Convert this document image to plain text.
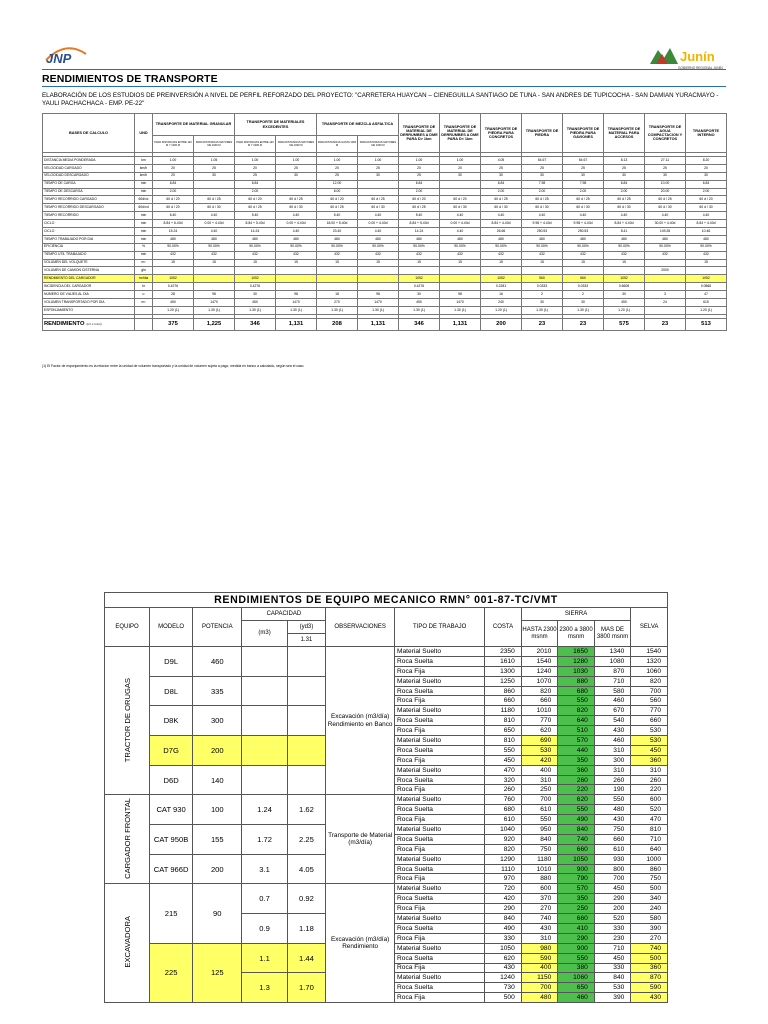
JNP	Junín
GOBIERNO REGIONAL JUNÍN
RENDIMIENTOS DE TRANSPORTE
ELABORACIÓN DE LOS ESTUDIOS DE PREINVERSIÓN A NIVEL DE PERFIL REFORZADO DEL PROYECTO: "CARRETERA HUAYCAN – CIENEGUILLA SANTIAGO DE TUNA - SAN ANDRES DE TUPICOCHA - SAN DAMIAN YURACMAYO - YAULI PACHACHACA - EMP. PE-22"
BASES DE CALCULO	UND	TRANSPORTE DE MATERIAL GRANULAR		TRANSPORTE DE MATERIALES EXCEDENTES		TRANSPORTE DE MEZCLA ASFALTICA		TRANSPORTE DE MATERIAL DE DERRUMBES A DME PARA D> 1km	TRANSPORTE DE MATERIAL DE DERRUMBES A DME PARA D< 1km	TRANSPORTE DE PIEDRA PARA CONCRETOS	TRANSPORTE DE PIEDRA	TRANSPORTE DE PIEDRA PARA GAVIONES	TRANSPORTE DE MATERIAL PARA ACCESOS	TRANSPORTE DE AGUA COMPACTACION Y CONCRETOS	TRANSPORTE INTERNO
		PARA DISTANCIAS ENTRE 120 M Y 1000 M	PARA DISTANCIAS MAYORES DE 1000 M	PARA DISTANCIAS ENTRE 120 M Y 1000 M	PARA DISTANCIAS MAYORES DE 1000 M	PARA DISTANCIAS HASTA 1000 M	PARA DISTANCIAS MAYORES DE 1000 M								

DISTANCIA MEDIA PONDERADA	km	1.00	1.05	1.00	1.00	1.00	1.00	1.00	1.00	4.05	54.67	54.67	8.13	27.11	8.20
VELOCIDAD CARGADO	km/h	20	25	20	25	20	25	20	20	25	25	25	25	25	20
VELOCIDAD DESCARGADO	km/h	20	30	25	30	25	30	25	30	30	30	30	30	30	30
TIEMPO DE CARGA	min	6.84		6.84		12.00		6.84		6.84	7.98	7.98	6.84	10.00	6.84
TIEMPO DE DESCARGA	min	2.00		2.00		6.00		2.00		2.00	2.00	2.00	2.00	20.00	2.00
TIEMPO RECORRIDO CARGADO	60d/vc	60 d / 20	60 d / 25	60 d / 20	60 d / 25	60 d / 20	60 d / 25	60 d / 20	60 d / 20	60 d / 25	60 d / 25	60 d / 25	60 d / 25	60 d / 25	60 d / 20
TIEMPO RECORRIDO DESCARGADO	60d/vd	60 d / 20	60 d / 30	60 d / 25	60 d / 30	60 d / 25	60 d / 30	60 d / 25	60 d / 30	60 d / 30	60 d / 30	60 d / 30	60 d / 30	60 d / 30	60 d / 30
TIEMPO RECORRIDO	min	6.40	4.40	5.40	4.40	5.40	4.40	5.40	4.40	4.40	4.40	4.40	4.40	4.40	4.40
CICLO	min	8.84 + 6.40d	0.00 + 4.40d	8.84 + 5.40d	0.00 + 4.40d	18.00 + 5.40d	0.00 + 4.40d	8.84 + 5.40d	0.00 + 4.40d	8.84 + 4.40d	9.98 + 4.40d	9.98 + 4.40d	8.84 + 4.40d	30.00 + 4.40d	8.84 + 4.40d
CICLO	min	15.24	4.40	14.24	4.40	23.40	4.40	14.24	4.40	26.66	250.53	250.53	8.41	149.28	10.46
TIEMPO TRABAJADO POR DIA	min	480	480	480	480	480	480	480	480	480	480	480	480	480	480
EFICIENCIA	%	90.00%	90.00%	90.00%	90.00%	90.00%	90.00%	90.00%	90.00%	90.00%	90.00%	90.00%	90.00%	90.00%	90.00%
TIEMPO UTIL TRABAJADO	min	432	432	432	432	432	432	432	432	432	432	432	432	432	432
VOLUMEN DEL VOLQUETE	m³	15	15	15	15	15	15	15	15	15	15	15	15		15
VOLUMEN DE CAMION CISTERNA	gln													2000	
RENDIMIENTO DEL CARGADOR	m³/dia	1052		1052				1052		1052	560	560	1052		1052
INCIDENCIA DEL CARGADOR	hr	0.4276		0.4276				0.4276		0.2281	0.0333	0.0333	0.6608		0.0866
NUMERO DE VIAJES AL DIA	u	28	98	30	98	18	98	30	98	16	2	2	30	3	47
VOLUMEN TRANSPORTADO POR DIA	m³	450	1470	450	1470	270	1470	450	1470	240	30	30	450	24	615
ESPONJAMIENTO		1.20 (1)	1.30 (1)	1.30 (1)	1.30 (1)	1.30 (1)	1.30 (1)	1.30 (1)	1.30 (1)	1.20 (1)	1.30 (1)	1.30 (1)	1.20 (1)		1.20 (1)

RENDIMIENTO (m³ x 1 km)		375	1,225	346	1,131	208	1,131	346	1,131	200	23	23	575	23	513
(1) El Factor de esponjamiento es la relacion entre la unidad de volumen transportado y la unidad de volumen sujeta a pago, medida en banco a calculado, según sea el caso.
RENDIMIENTOS DE EQUIPO MECANICO RMN° 001-87-TC/VMT											
EQUIPO	MODELO	POTENCIA	CAPACIDAD		OBSERVACIONES	TIPO DE TRABAJO	COSTA	SIERRA			SELVA
			(m3)	(yd3)				HASTA 2300 msnm	2300 a 3800 msnm	MAS DE 3800 msnm	
				1.31							
TRACTOR DE ORUGAS	D9L	460			Excavación (m3/día) Rendimiento en Banco	Material Suelto	2350	2010	1650	1340	1540
						Roca Suelta	1610	1540	1280	1080	1320
						Roca Fija	1300	1240	1030	870	1060
	D8L	335				Material Suelto	1250	1070	880	710	820
						Roca Suelta	860	820	680	580	700
						Roca Fija	660	660	550	460	560
	D8K	300				Material Suelto	1180	1010	820	670	770
						Roca Suelta	810	770	640	540	660
						Roca Fija	650	620	510	430	530
	D7G	200				Material Suelto	810	690	570	460	530
						Roca Suelta	550	530	440	310	450
						Roca Fija	450	420	350	300	360
	D6D	140				Material Suelto	470	400	360	310	310
						Roca Suelta	320	310	260	260	260
						Roca Fija	260	250	220	190	220
CARGADOR FRONTAL	CAT 930	100	1.24	1.62	Transporte de Material (m3/día)	Material Suelto	760	700	620	550	600
						Roca Suelta	680	610	550	480	520
						Roca Fija	610	550	490	430	470
	CAT 950B	155	1.72	2.25		Material Suelto	1040	950	840	750	810
						Roca Suelta	920	840	740	660	710
						Roca Fija	820	750	660	610	640
	CAT 966D	200	3.1	4.05		Material Suelto	1290	1180	1050	930	1000
						Roca Suelta	1110	1010	900	800	860
						Roca Fija	970	880	790	700	750
EXCAVADORA	215	90	0.7	0.92	Excavación (m3/día) Rendimiento	Material Suelto	720	600	570	450	500
						Roca Suelta	420	370	350	290	340
						Roca Fija	290	270	250	200	240
			0.9	1.18		Material Suelto	840	740	660	520	580
						Roca Suelta	490	430	410	330	390
						Roca Fija	330	310	290	230	270
	225	125	1.1	1.44		Material Suelto	1050	980	900	710	740
						Roca Suelta	620	590	550	450	500
						Roca Fija	430	400	380	330	360
			1.3	1.70		Material Suelto	1240	1150	1060	840	870
						Roca Suelta	730	700	650	530	590
						Roca Fija	500	480	460	390	430
